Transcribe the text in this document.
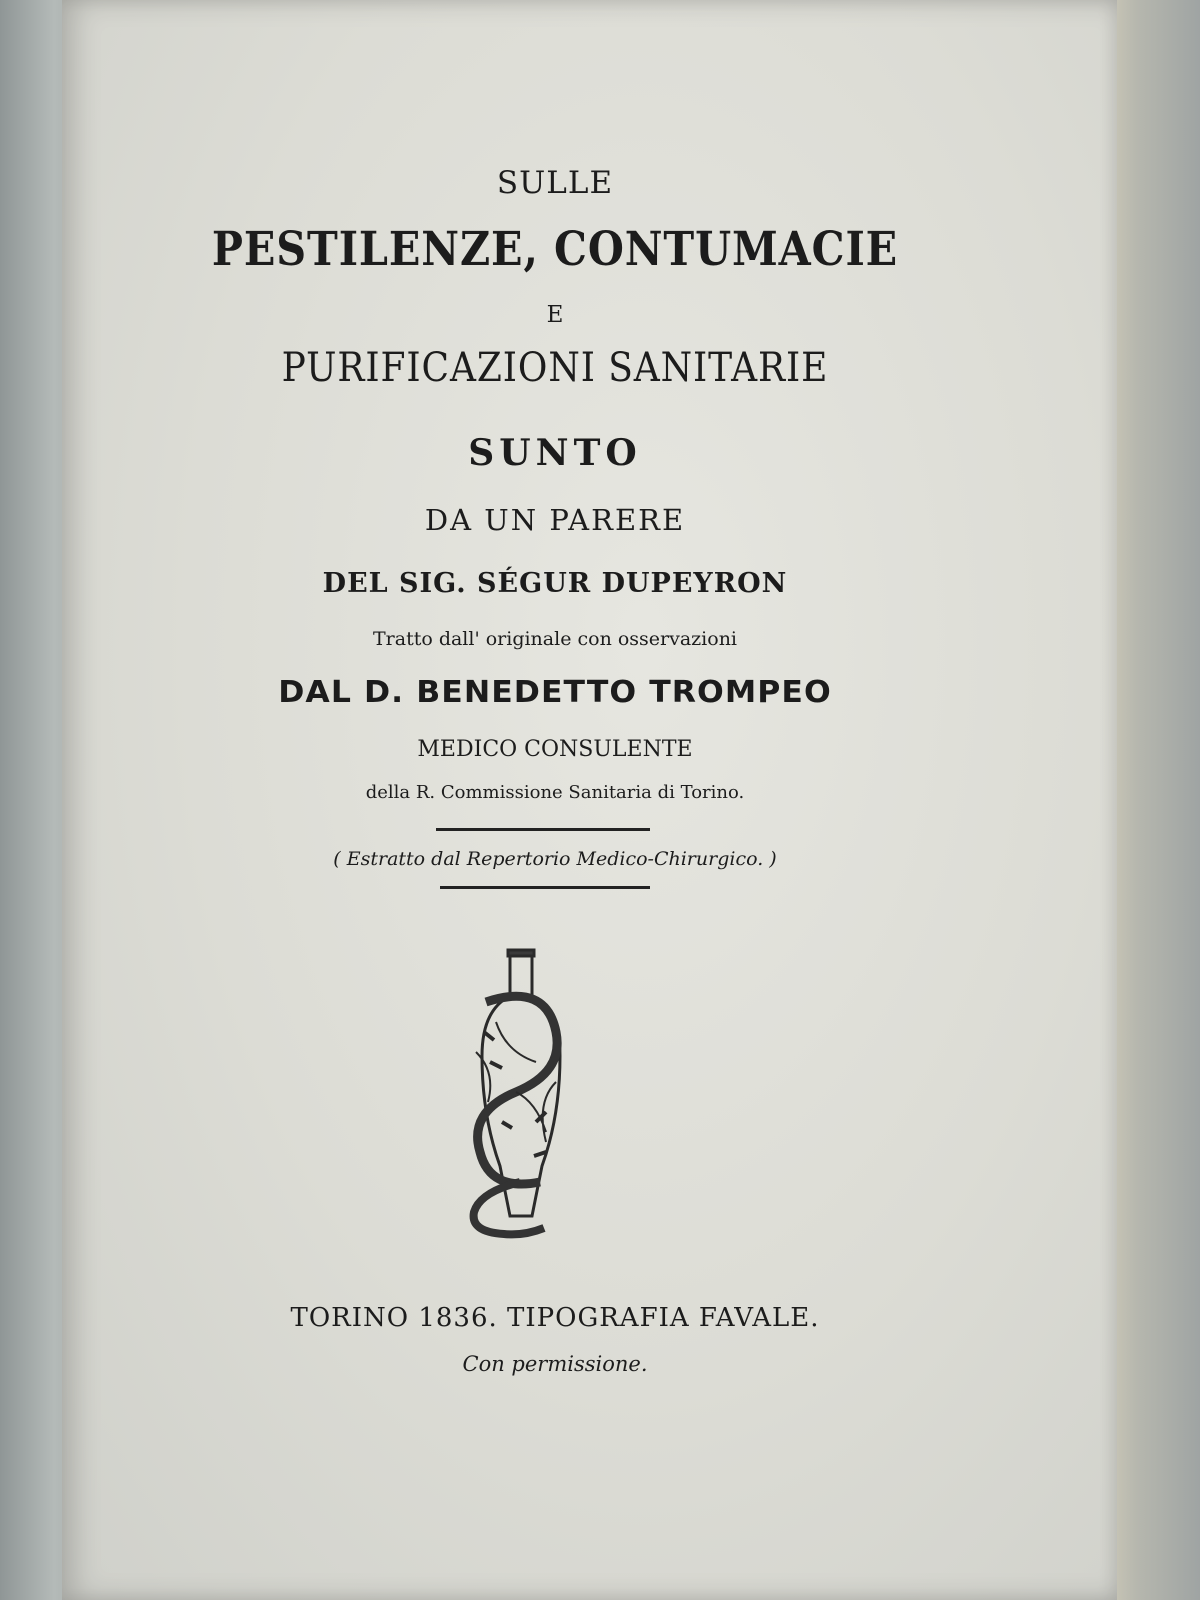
SULLE
PESTILENZE, CONTUMACIE
E
PURIFICAZIONI SANITARIE
SUNTO
DA UN PARERE
DEL SIG. SÉGUR DUPEYRON
Tratto dall' originale con osservazioni
DAL D. BENEDETTO TROMPEO
MEDICO CONSULENTE
della R. Commissione Sanitaria di Torino.
( Estratto dal Repertorio Medico-Chirurgico. )
TORINO 1836. TIPOGRAFIA FAVALE.
Con permissione.
